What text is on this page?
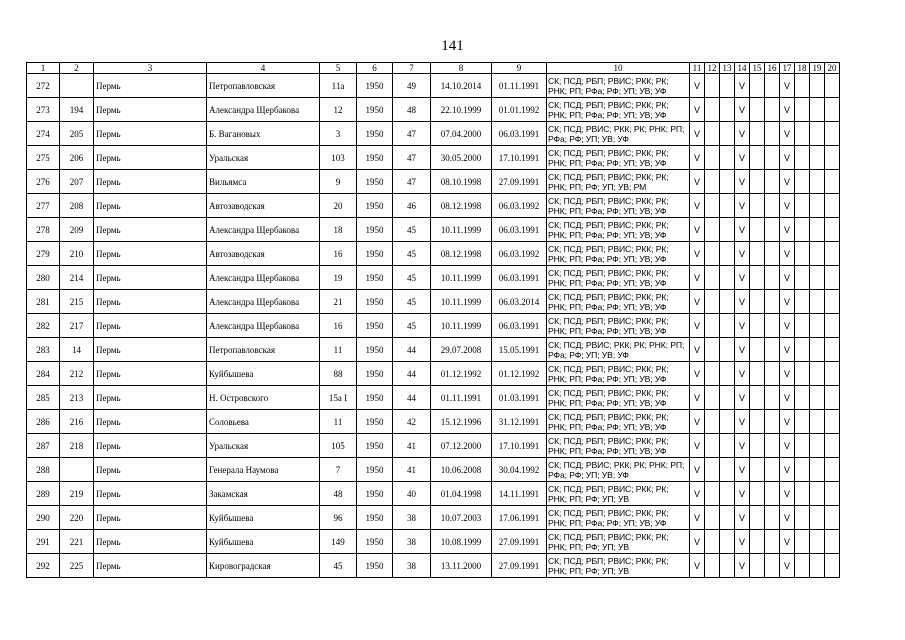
141
1	2	3	4	5	6	7	8	9	10	11	12	13	14	15	16	17	18	19	20
272		Пермь	Петропавловская	11а	1950	49	14.10.2014	01.11.1991	СК; ПСД; РБП; РВИС; РКК; РК; РНК; РП; РФа; РФ; УП; УВ; УФ	V			V			V			
273	194	Пермь	Александра Щербакова	12	1950	48	22.10.1999	01.01.1992	СК; ПСД; РБП; РВИС; РКК; РК; РНК; РП; РФа; РФ; УП; УВ; УФ	V			V			V			
274	205	Пермь	Б. Вагановых	3	1950	47	07.04.2000	06.03.1991	СК; ПСД; РВИС; РКК; РК; РНК; РП; РФа; РФ; УП; УВ; УФ	V			V			V			
275	206	Пермь	Уральская	103	1950	47	30.05.2000	17.10.1991	СК; ПСД; РБП; РВИС; РКК; РК; РНК; РП; РФа; РФ; УП; УВ; УФ	V			V			V			
276	207	Пермь	Вильямса	9	1950	47	08.10.1998	27.09.1991	СК; ПСД; РБП; РВИС; РКК; РК; РНК; РП; РФ; УП; УВ; РМ	V			V			V			
277	208	Пермь	Автозаводская	20	1950	46	08.12.1998	06.03.1992	СК; ПСД; РБП; РВИС; РКК; РК; РНК; РП; РФа; РФ; УП; УВ; УФ	V			V			V			
278	209	Пермь	Александра Щербакова	18	1950	45	10.11.1999	06.03.1991	СК; ПСД; РБП; РВИС; РКК; РК; РНК; РП; РФа; РФ; УП; УВ; УФ	V			V			V			
279	210	Пермь	Автозаводская	16	1950	45	08.12.1998	06.03.1992	СК; ПСД; РБП; РВИС; РКК; РК; РНК; РП; РФа; РФ; УП; УВ; УФ	V			V			V			
280	214	Пермь	Александра Щербакова	19	1950	45	10.11.1999	06.03.1991	СК; ПСД; РБП; РВИС; РКК; РК; РНК; РП; РФа; РФ; УП; УВ; УФ	V			V			V			
281	215	Пермь	Александра Щербакова	21	1950	45	10.11.1999	06.03.2014	СК; ПСД; РБП; РВИС; РКК; РК; РНК; РП; РФа; РФ; УП; УВ; УФ	V			V			V			
282	217	Пермь	Александра Щербакова	16	1950	45	10.11.1999	06.03.1991	СК; ПСД; РБП; РВИС; РКК; РК; РНК; РП; РФа; РФ; УП; УВ; УФ	V			V			V			
283	14	Пермь	Петропавловская	11	1950	44	29.07.2008	15.05.1991	СК; ПСД; РВИС; РКК; РК; РНК; РП; РФа; РФ; УП; УВ; УФ	V			V			V			
284	212	Пермь	Куйбышева	88	1950	44	01.12.1992	01.12.1992	СК; ПСД; РБП; РВИС; РКК; РК; РНК; РП; РФа; РФ; УП; УВ; УФ	V			V			V			
285	213	Пермь	Н. Островского	15а I	1950	44	01.11.1991	01.03.1991	СК; ПСД; РБП; РВИС; РКК; РК; РНК; РП; РФа; РФ; УП; УВ; УФ	V			V			V			
286	216	Пермь	Соловьева	11	1950	42	15.12.1996	31.12.1991	СК; ПСД; РБП; РВИС; РКК; РК; РНК; РП; РФа; РФ; УП; УВ; УФ	V			V			V			
287	218	Пермь	Уральская	105	1950	41	07.12.2000	17.10.1991	СК; ПСД; РБП; РВИС; РКК; РК; РНК; РП; РФа; РФ; УП; УВ; УФ	V			V			V			
288		Пермь	Генерала Наумова	7	1950	41	10.06.2008	30.04.1992	СК; ПСД; РВИС; РКК; РК; РНК; РП; РФа; РФ; УП; УВ; УФ	V			V			V			
289	219	Пермь	Закамская	48	1950	40	01.04.1998	14.11.1991	СК; ПСД; РБП; РВИС; РКК; РК; РНК; РП; РФ; УП; УВ	V			V			V			
290	220	Пермь	Куйбышева	96	1950	38	10.07.2003	17.06.1991	СК; ПСД; РБП; РВИС; РКК; РК; РНК; РП; РФа; РФ; УП; УВ; УФ	V			V			V			
291	221	Пермь	Куйбышева	149	1950	38	10.08.1999	27.09.1991	СК; ПСД; РБП; РВИС; РКК; РК; РНК; РП; РФ; УП; УВ	V			V			V			
292	225	Пермь	Кировоградская	45	1950	38	13.11.2000	27.09.1991	СК; ПСД; РБП; РВИС; РКК; РК; РНК; РП; РФ; УП; УВ	V			V			V			
